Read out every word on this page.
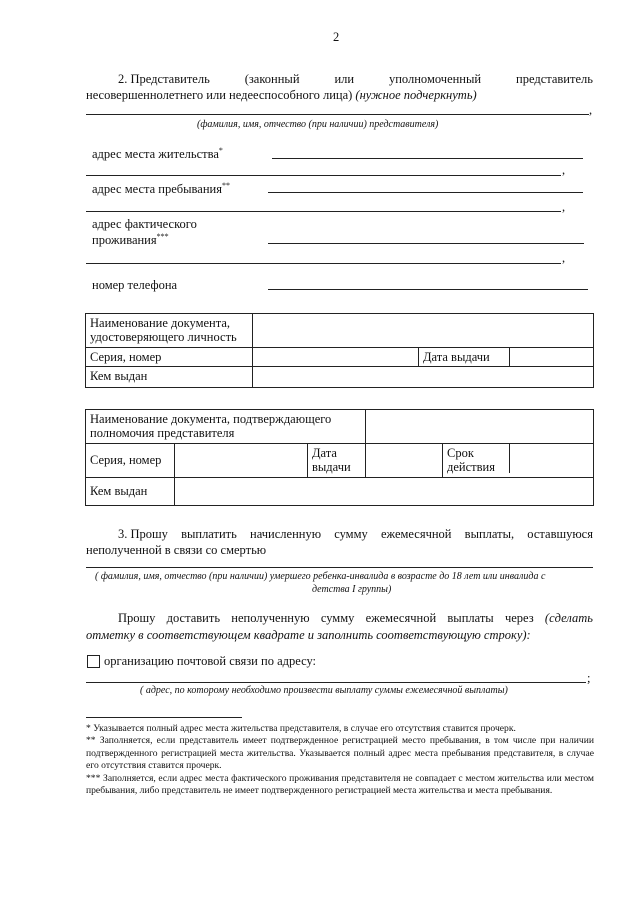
2
2. Представитель	(законный	или	уполномоченный	представитель
несовершеннолетнего или недееспособного лица) (нужное подчеркнуть)
,
(фамилия, имя, отчество (при наличии) представителя)
адрес места жительства*
,
адрес места пребывания**
,
адрес фактического
проживания***
,
номер телефона
Наименование документа, удостоверяющего личность			
Серия, номер		Дата выдачи	
Кем выдан			
Наименование документа, подтверждающего полномочия представителя				
Серия, номер		Дата выдачи		Срок действия

Кем выдан				
3. Прошу выплатить начисленную сумму ежемесячной выплаты, оставшуюся
неполученной в связи со смертью
( фамилия, имя, отчество (при наличии) умершего ребенка-инвалида в возрасте до 18 лет или инвалида с
детства I группы)
Прошу доставить неполученную сумму ежемесячной выплаты через (сделать
отметку в соответствующем квадрате и заполнить соответствующую строку):
организацию почтовой связи по адресу:
;
( адрес, по которому необходимо произвести выплату суммы ежемесячной выплаты)
* Указывается полный адрес места жительства представителя, в случае его отсутствия ставится прочерк.
** Заполняется, если представитель имеет подтвержденное регистрацией место пребывания, в том числе при наличии подтвержденного регистрацией места жительства. Указывается полный адрес места пребывания представителя, в случае его отсутствия ставится прочерк.
*** Заполняется, если адрес места фактического проживания представителя не совпадает с местом жительства или местом пребывания, либо представитель не имеет подтвержденного регистрацией места жительства и места пребывания.
